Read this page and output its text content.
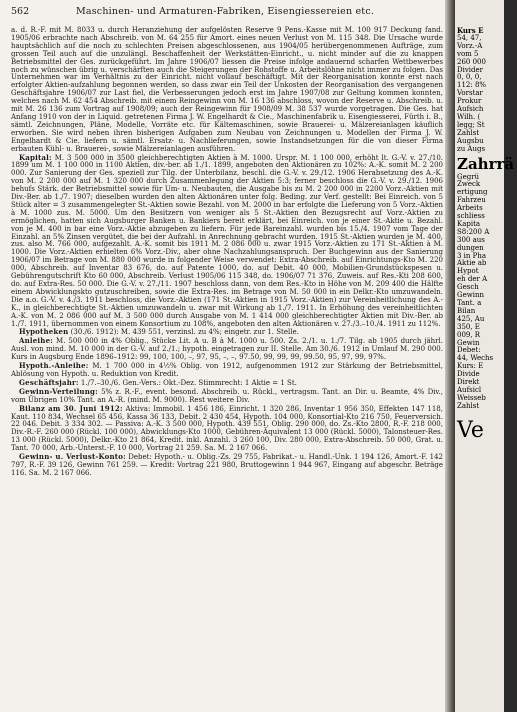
562	Maschinen- und Armaturen-Fabriken, Eisengiessereien etc.

a. d. R.-F. mit M. 8033 u. durch Heranziehung der aufgelösten Reserve 9 Pens.-Kasse mit M. 100 917 Deckung fand. 1905/06 erbrachte nach Abschreib. von M. 64 255 für Amort. eines neuen Verlust von M. 115 348. Die Ursache wurde hauptsächlich auf die noch zu schlechten Preisen abgeschlossenen, aus 1904/05 herübergenommenen Aufträge, zum grossen Teil auch auf die unzulängl. Beschaffenheit der Werkstätten-Einricht., u. nicht minder auf die zu knappen Betriebsmittel der Ges. zurückgeführt. Im Jahre 1906/07 liessen die Preise infolge andauernd scharfen Wettbewerbes noch zu wünschen übrig u. verschärften auch die Steigerungen der Rohstoffe u. Arbeitslöhne nicht immer zu folgen. Das Unternehmen war im Verhältnis zu der Einricht. nicht vollauf beschäftigt. Mit der Reorganisation konnte erst nach erfolgter Aktien-aufzahlung begonnen werden, so dass zwar ein Teil der Unkosten der Reorganisation des vergangenen Geschäftsjahre 1906/07 zur Last fiel, die Verbesserungen jedoch erst im Jahre 1907/08 zur Geltung kommen konnten, welches nach M. 62 454 Abschreib. mit einem Reingewinn von M. 16 136 abschloss, wovon der Reserve u. Abschreib. u. mit M. 26 136 zum Vortrag auf 1908/09; auch der Reingewinn für 1908/09 M. 38 537 wurde vorgetragen. Die Ges. hat Anfang 1910 von der in Liquid. getretenen Firma J. W. Engelhardt & Cie., Maschinenfabrik u. Eisengiesserei, Fürth i. B., sämtl. Zeichnungen, Pläne, Modelle, Vorräte etc. für Kältemaschinen, sowie Brauerei- u. Mälzereianlagen käuflich erworben. Sie wird neben ihren bisherigen Aufgaben zum Neubau von Zeichnungen u. Modellen der Firma J. W. Engelhardt & Cie. liefern u. sämtl. Ersatz- u. Nachlieferungen, sowie Instandsetzungen für die von dieser Firma erbauten Kühl- u. Brauerei-, sowie Mälzereianlagen ausführen.

Kapital: M. 3 500 000 in 3500 gleichberechtigten Aktien à M. 1000. Urspr. M. 1 100 000, erhöht lt. G.-V. v. 27./10. 1899 um M. 1 100 000 in 1100 Aktien, div.-ber. ab 1./1. 1899, angeboten den Aktionären zu 102%: A.-K. somit M. 2 200 000. Zur Sanierung der Ges. speziell zur Tilg. der Unterbilanz, beschl. die G.-V. v. 29./12. 1906 Herabsetzung des A.-K. von M. 2 200 000 auf M. 1 320 000 durch Zusammenlegung der Aktien 5:3; ferner beschloss die G.-V. v. 29./12. 1906 behufs Stärk. der Betriebsmittel sowie für Um- u. Neubauten, die Ausgabe bis zu M. 2 200 000 in 2200 Vorz.-Aktien mit Div.-Ber. ab 1./7. 1907; dieselben wurden den alten Aktionären unter folg. Beding. zur Verf. gestellt: Bei Einreich. von 5 Stück alter = 3 zusammengelegter St.-Aktien sowie Bezahl. von M. 2000 in bar erfolgte die Lieferung von 5 Vorz.-Aktien à M. 1000 zus. M. 5000. Um den Besitzern von weniger als 5 St.-Aktien den Bezugsrecht auf Vorz.-Aktien zu ermöglichen, hatten sich Augsburger Banken u. Bankiers bereit erklärt, bei Einreich. von je einer St.-Aktie u. Bezahl. von je M. 400 in bar eine Vorz.-Aktie abzugeben zu liefern. Für jede Bareinzahl. wurden bis 15./4. 1907 vom Tage der Einzahl. an 5% Zinsen vergütet, die bei der Aufzahl. in Anrechnung gebracht wurden. 1915 St.-Aktien wurden je M. 400, zus. also M. 766 000, aufgezahlt. A.-K. somit bis 1911 M. 2 086 000 u. zwar 1915 Vorz.-Aktien zu 171 St.-Aktien à M. 1000. Die Vorz.-Aktien erhielten 6% Vorz.-Div., aber ohne Nachzahlungsanspruch. Der Buchgewinn aus der Sanierung 1906/07 im Betrage von M. 880 000 wurde in folgender Weise verwendet: Extra-Abschreib. auf Einrichtungs-Kto M. 220 000, Abschreib. auf Inventar 83 676, do. auf Patente 1000, do. auf Debit. 40 000, Mobilien-Grundstückspesen u. Gebührengutschrift Kto 60 000, Abschreib. Verlust 1905/06 115 348, do. 1906/07 71 376, Zuweis. auf Res.-Kti 208 600, do. auf Extra-Res. 50 000. Die G.-V. v. 27./11. 1907 beschloss dann, von dem Res.-Kto in Höhe von M. 209 400 die Hälfte einem Abwicklungskto gutzuschreiben, sowie die Extra-Res. im Betrage von M. 50 000 in ein Delkr.-Kto umzuwandeln. Die a.o. G.-V. v. 4./3. 1911 beschloss, die Vorz.-Aktien (171 St.-Aktien in 1915 Vorz.-Aktien) zur Vereinheitlichung des A.-K., in gleichberechtigte St.-Aktien umzuwandeln u. zwar mit Wirkung ab 1./7. 1911. In Erhöhung des vereinheitlichten A.-K. von M. 2 086 000 auf M. 3 500 000 durch Ausgabe von M. 1 414 000 gleichberechtigter Aktien mit Div.-Ber. ab 1./7. 1911, übernommen von einem Konsortium zu 108%, angeboten den alten Aktionären v. 27./3.–10./4. 1911 zu 112%.

Hypotheken (30./6. 1912): M. 439 551, verzinsl. zu 4%; eingetr. zur 1. Stelle.

Anleihe: M. 500 000 in 4% Oblig., Stücke Lit. A u. B à M. 1000 u. 500. Zs. 2./1. u. 1./7. Tilg. ab 1905 durch jährl. Ausl. von mind. M. 10 000 in der G.-V. auf 2./1.; hypoth. eingetragen zur II. Stelle. Am 30./6. 1912 in Umlauf M. 290 000. Kurs in Augsburg Ende 1896–1912: 99, 100, 100, –, 97, 95, –, –, 97.50, 99, 99, 99, 99.50, 95, 97, 99, 97%.

Hypoth.-Anleihe: M. 1 700 000 in 4½% Oblig. von 1912, aufgenommen 1912 zur Stärkung der Betriebsmittel, Ablösung von Hypoth. u. Reduktion von Kredit.

Geschäftsjahr: 1./7.–30./6. Gen.-Vers.: Okt.-Dez. Stimmrecht: 1 Aktie = 1 St.

Gewinn-Verteilung: 5% z. R.-F., event. besond. Abschreib. u. Rückl., vertragsm. Tant. an Dir. u. Beamte, 4% Div., vom Übrigen 10% Tant. an A.-R. (mind. M. 9000). Rest weitere Div.

Bilanz am 30. Juni 1912: Aktiva: Immobil. 1 456 186, Einricht. 1 320 286, Inventar 1 956 350, Effekten 147 118, Kaut. 110 834, Wechsel 65 456, Kassa 36 133, Debit. 2 430 454, Hypoth. 104 000, Konsortial-Kto 216 750, Feuerversich. 22 046. Debit. 3 334 302. — Passiva: A.-K. 3 500 000, Hypoth. 439 551, Oblig. 290 000, do. Zs.-Kto 2800, R.-F. 218 000, Div.-R.-F. 260 000 (Rückl. 100 000), Abwicklungs-Kto 1000, Gebühren-Äquivalent 13 000 (Rückl. 5000), Talonsteuer-Res. 13 000 (Rückl. 5000), Delkr.-Kto 21 864, Kredit. inkl. Anzahl. 3 260 100, Div. 280 000, Extra-Abschreib. 50 000, Grat. u. Tant. 70 000, Arb.-Unterst.-F. 10 000, Vortrag 21 259. Sa. M. 2 167 066.

Gewinn- u. Verlust-Konto: Debet: Hypoth.- u. Oblig.-Zs. 29 755, Fabrikat.- u. Handl.-Unk. 1 194 126, Amort.-F. 142 797, R.-F. 39 126, Gewinn 761 259. — Kredit: Vortrag 221 980, Bruttogewinn 1 944 967, Eingang auf abgeschr. Beträge 116. Sa. M. 2 167 066.

Kurs E
54, 47,
Vorz.-A
vom 5
260 000
Divider
0, 0, 0,
112: 8%
Vorstar
Prokur
Aufsich
Wilh. (
legg; St
Zahlst
Augsbu
zu Augs
Zahrrä
Gegrü
Zweck
ertigung
Fahrzeu
Arbeits
schliess
Kapita
S8:200 A
300 aus
dungen
3 in Pha
Aktie ab
Hypot
eh der A
Gesch
Gewinn
Tant. a
Bilan
425, Au
350, E
009, R
Gewin
Debet:
44, Wechs
Kurs: E
Divide
Direkt
Aufsicl
Weisseb
Zahlst
Ve
